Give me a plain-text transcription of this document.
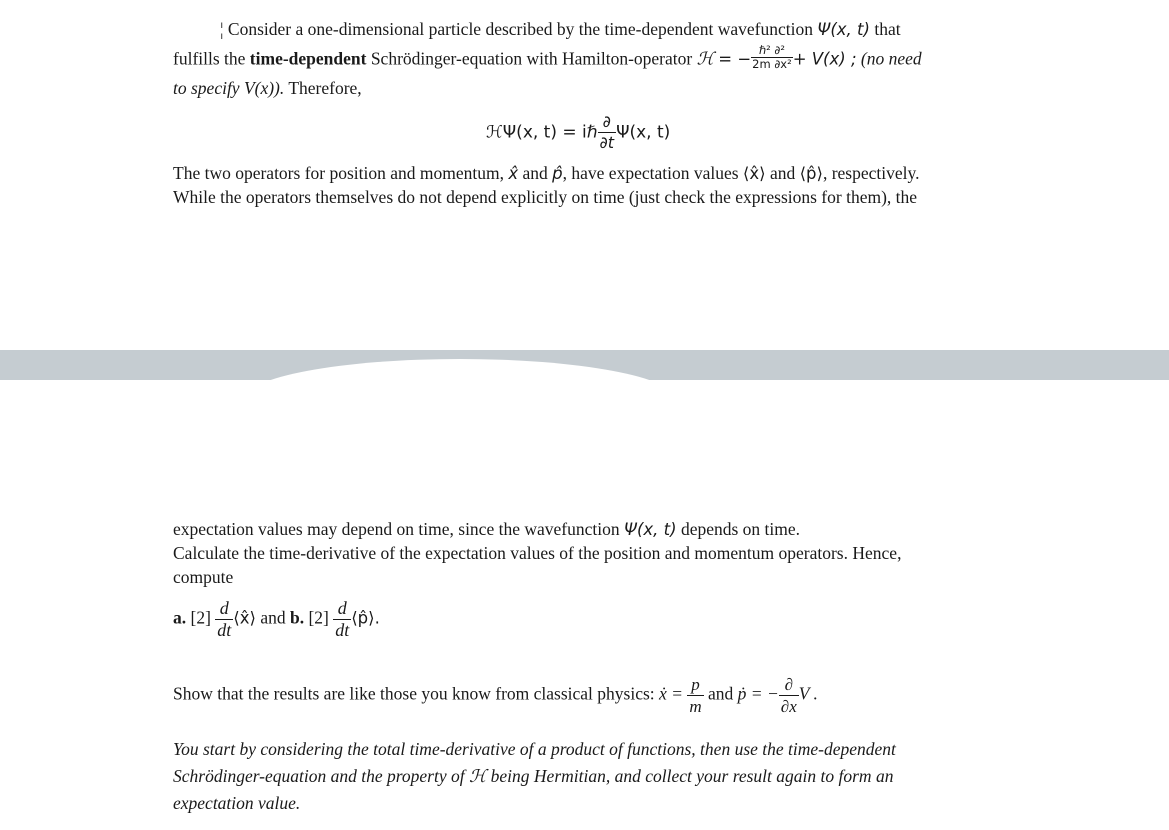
¦ Consider a one-dimensional particle described by the time-dependent wavefunction Ψ(x, t) that
fulfills the time-dependent Schrödinger-equation with Hamilton-operator ℋ = − $\frac{\text{ℏ² ∂²}}{\text{2m ∂x²}} + V(x)$ ; (no need
to specify V(x)). Therefore,
ℋΨ(x, t) = iℏ $\frac{\partial}{\partial t} \Psi(x$, t)
The two operators for position and momentum, x̂ and p̂, have expectation values ⟨x̂⟩ and ⟨p̂⟩, respectively.
While the operators themselves do not depend explicitly on time (just check the expressions for them), the
expectation values may depend on time, since the wavefunction Ψ(x, t) depends on time.
Calculate the time-derivative of the expectation values of the position and momentum operators. Hence,
compute
a. $[2] \frac{d}{dt}$ ⟨x̂⟩ and b. $[2] \frac{d}{dt}$ ⟨p̂⟩.
Show that the results are like those you know from classical physics: ẋ = $\frac{p}{m}$ and ṗ = − $\frac{\partial}{\partial x}$ V .
You start by considering the total time-derivative of a product of functions, then use the time-dependent
Schrödinger-equation and the property of ℋ being Hermitian, and collect your result again to form an
expectation value.
